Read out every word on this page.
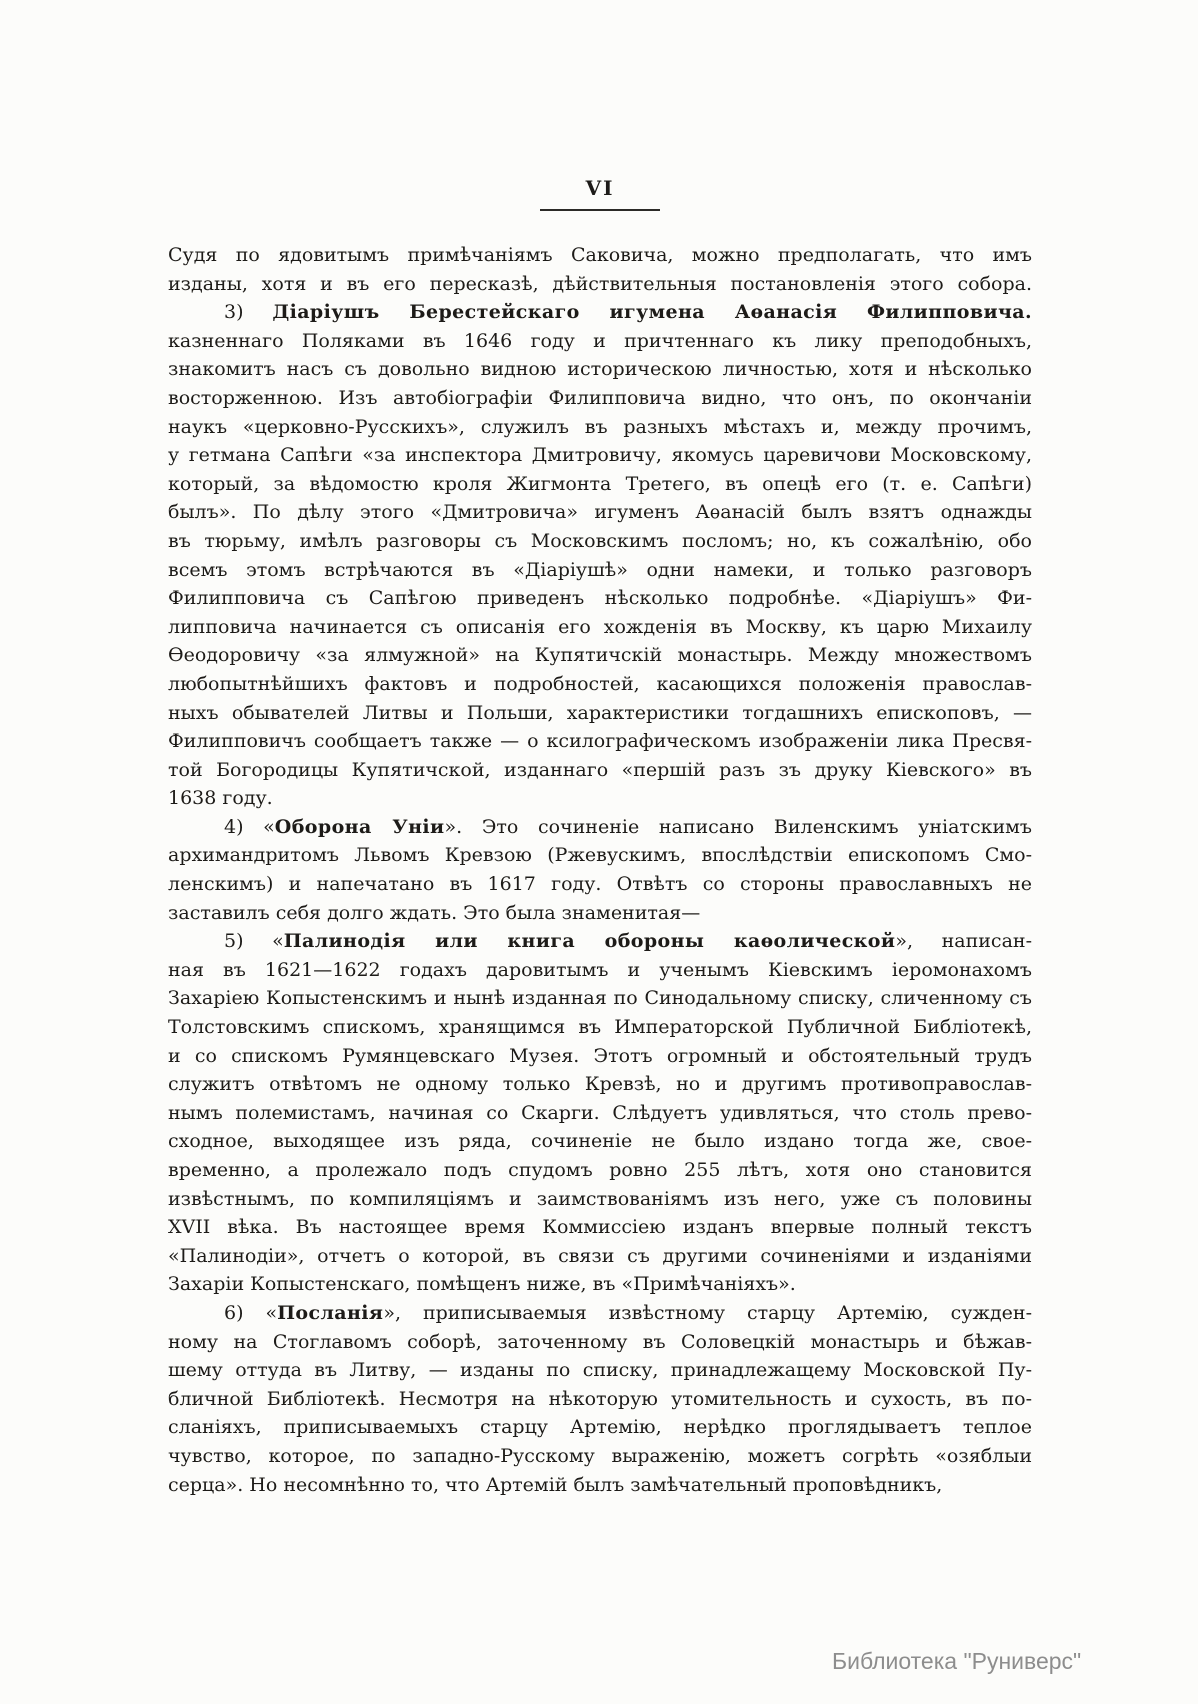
VI
Судя по ядовитымъ примѣчаніямъ Саковича, можно предполагать, что имъ
изданы, хотя и въ его пересказѣ, дѣйствительныя постановленія этого собора.
3) Діаріушъ Берестейскаго игумена Аѳанасія Филипповича.
казненнаго Поляками въ 1646 году и причтеннаго къ лику преподобныхъ,
знакомитъ насъ съ довольно видною историческою личностью, хотя и нѣсколько
восторженною. Изъ автобіографіи Филипповича видно, что онъ, по окончаніи
наукъ «церковно-Русскихъ», служилъ въ разныхъ мѣстахъ и, между прочимъ,
у гетмана Сапѣги «за инспектора Дмитровичу, якомусь царевичови Московскому,
который, за вѣдомостю кроля Жигмонта Третего, въ опецѣ его (т. е. Сапѣги)
былъ». По дѣлу этого «Дмитровича» игуменъ Аѳанасій былъ взятъ однажды
въ тюрьму, имѣлъ разговоры съ Московскимъ посломъ; но, къ сожалѣнію, обо
всемъ этомъ встрѣчаются въ «Діаріушѣ» одни намеки, и только разговоръ
Филипповича съ Сапѣгою приведенъ нѣсколько подробнѣе. «Діаріушъ» Фи-
липповича начинается съ описанія его хожденія въ Москву, къ царю Михаилу
Ѳеодоровичу «за ялмужной» на Купятичскій монастырь. Между множествомъ
любопытнѣйшихъ фактовъ и подробностей, касающихся положенія православ-
ныхъ обывателей Литвы и Польши, характеристики тогдашнихъ епископовъ, —
Филипповичъ сообщаетъ также — о ксилографическомъ изображеніи лика Пресвя-
той Богородицы Купятичской, изданнаго «першій разъ зъ друку Кіевского» въ
1638 году.
4) «Оборона Уніи». Это сочиненіе написано Виленскимъ уніатскимъ
архимандритомъ Львомъ Кревзою (Ржевускимъ, впослѣдствіи епископомъ Смо-
ленскимъ) и напечатано въ 1617 году. Отвѣтъ со стороны православныхъ не
заставилъ себя долго ждать. Это была знаменитая—
5) «Палинодія или книга обороны каѳолической», написан-
ная въ 1621—1622 годахъ даровитымъ и ученымъ Кіевскимъ іеромонахомъ
Захаріею Копыстенскимъ и нынѣ изданная по Синодальному списку, сличенному съ
Толстовскимъ спискомъ, хранящимся въ Императорской Публичной Библіотекѣ,
и со спискомъ Румянцевскаго Музея. Этотъ огромный и обстоятельный трудъ
служитъ отвѣтомъ не одному только Кревзѣ, но и другимъ противоправослав-
нымъ полемистамъ, начиная со Скарги. Слѣдуетъ удивляться, что столь прево-
сходное, выходящее изъ ряда, сочиненіе не было издано тогда же, свое-
временно, а пролежало подъ спудомъ ровно 255 лѣтъ, хотя оно становится
извѣстнымъ, по компиляціямъ и заимствованіямъ изъ него, уже съ половины
XVII вѣка. Въ настоящее время Коммиссіею изданъ впервые полный текстъ
«Палинодіи», отчетъ о которой, въ связи съ другими сочиненіями и изданіями
Захаріи Копыстенскаго, помѣщенъ ниже, въ «Примѣчаніяхъ».
6) «Посланія», приписываемыя извѣстному старцу Артемію, сужден-
ному на Стоглавомъ соборѣ, заточенному въ Соловецкій монастырь и бѣжав-
шему оттуда въ Литву, — изданы по списку, принадлежащему Московской Пу-
бличной Библіотекѣ. Несмотря на нѣкоторую утомительность и сухость, въ по-
сланіяхъ, приписываемыхъ старцу Артемію, нерѣдко проглядываетъ теплое
чувство, которое, по западно-Русскому выраженію, можетъ согрѣть «озяблыи
серца». Но несомнѣнно то, что Артемій былъ замѣчательный проповѣдникъ,
Библиотека "Руниверс"
